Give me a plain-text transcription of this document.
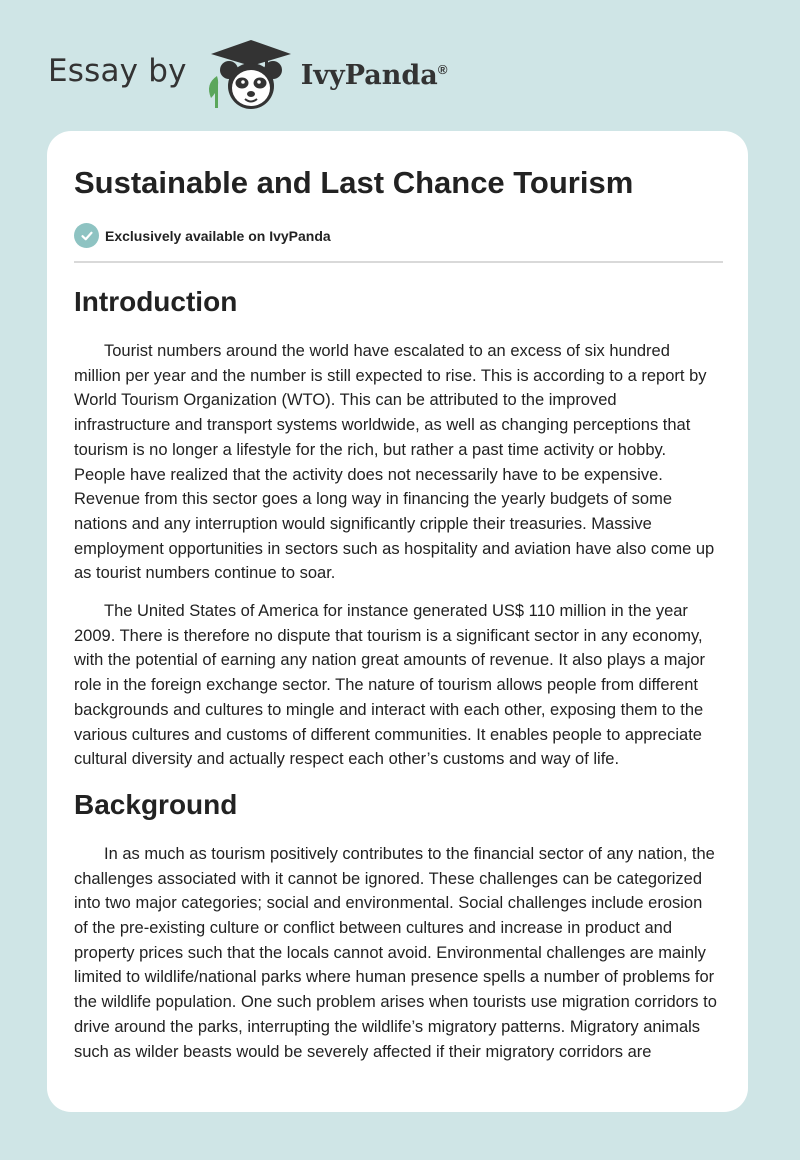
Essay by	IvyPanda®
Sustainable and Last Chance Tourism
Exclusively available on IvyPanda
Introduction

Tourist numbers around the world have escalated to an excess of six hundred
million per year and the number is still expected to rise. This is according to a report by
World Tourism Organization (WTO). This can be attributed to the improved
infrastructure and transport systems worldwide, as well as changing perceptions that
tourism is no longer a lifestyle for the rich, but rather a past time activity or hobby.
People have realized that the activity does not necessarily have to be expensive.
Revenue from this sector goes a long way in financing the yearly budgets of some
nations and any interruption would significantly cripple their treasuries. Massive
employment opportunities in sectors such as hospitality and aviation have also come up
as tourist numbers continue to soar.

The United States of America for instance generated US$ 110 million in the year
2009. There is therefore no dispute that tourism is a significant sector in any economy,
with the potential of earning any nation great amounts of revenue. It also plays a major
role in the foreign exchange sector. The nature of tourism allows people from different
backgrounds and cultures to mingle and interact with each other, exposing them to the
various cultures and customs of different communities. It enables people to appreciate
cultural diversity and actually respect each other’s customs and way of life.

Background

In as much as tourism positively contributes to the financial sector of any nation, the
challenges associated with it cannot be ignored. These challenges can be categorized
into two major categories; social and environmental. Social challenges include erosion
of the pre-existing culture or conflict between cultures and increase in product and
property prices such that the locals cannot avoid. Environmental challenges are mainly
limited to wildlife/national parks where human presence spells a number of problems for
the wildlife population. One such problem arises when tourists use migration corridors to
drive around the parks, interrupting the wildlife’s migratory patterns. Migratory animals
such as wilder beasts would be severely affected if their migratory corridors are
